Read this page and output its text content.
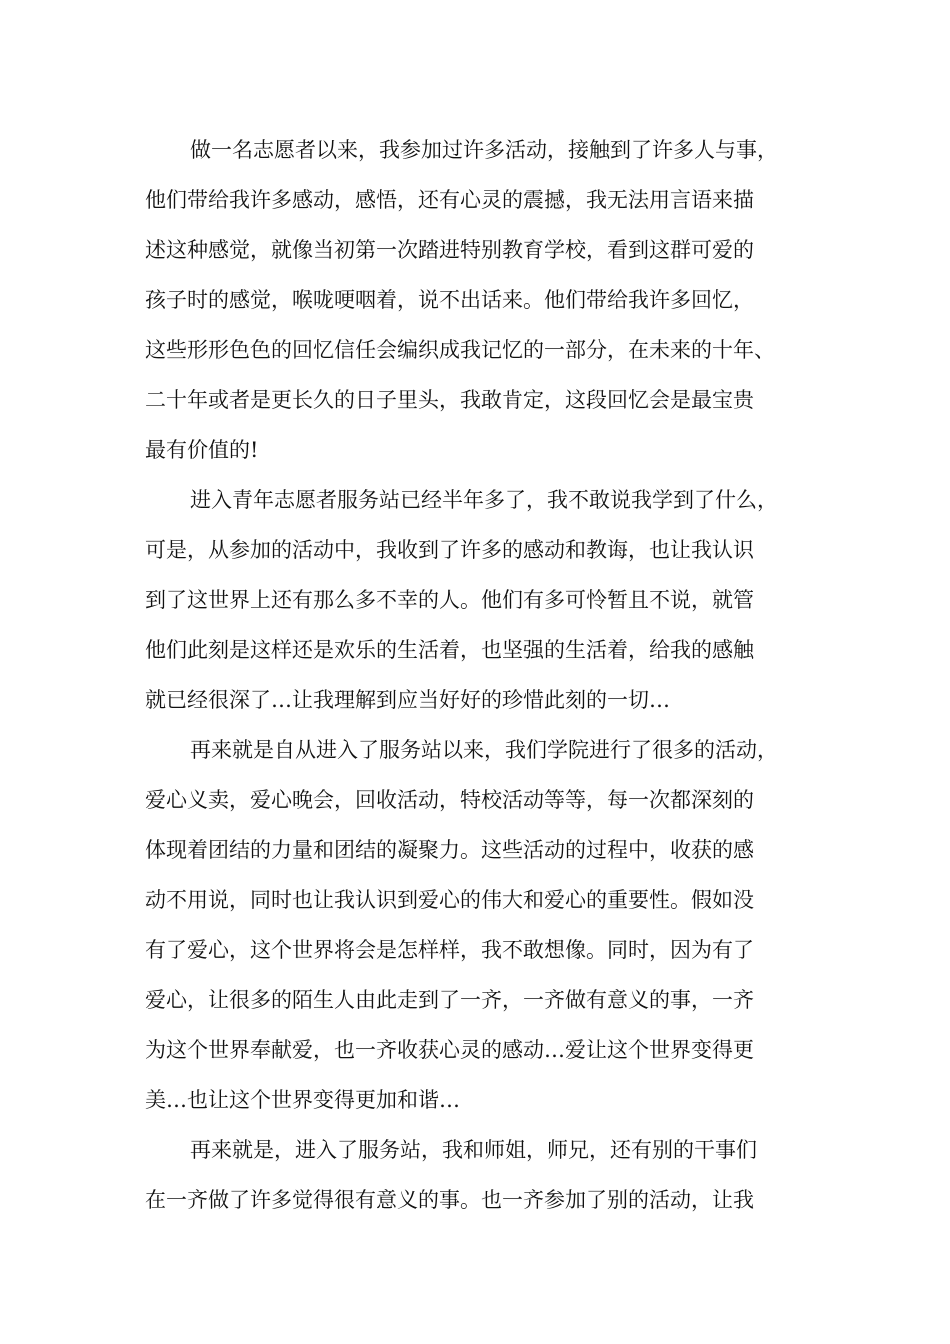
做一名志愿者以来，我参加过许多活动，接触到了许多人与事，
他们带给我许多感动，感悟，还有心灵的震撼，我无法用言语来描
述这种感觉，就像当初第一次踏进特别教育学校，看到这群可爱的
孩子时的感觉，喉咙哽咽着，说不出话来。他们带给我许多回忆，
这些形形色色的回忆信任会编织成我记忆的一部分，在未来的十年、
二十年或者是更长久的日子里头，我敢肯定，这段回忆会是最宝贵
最有价值的!
进入青年志愿者服务站已经半年多了，我不敢说我学到了什么，
可是，从参加的活动中，我收到了许多的感动和教诲，也让我认识
到了这世界上还有那么多不幸的人。他们有多可怜暂且不说，就管
他们此刻是这样还是欢乐的生活着，也坚强的生活着，给我的感触
就已经很深了…让我理解到应当好好的珍惜此刻的一切…
再来就是自从进入了服务站以来，我们学院进行了很多的活动，
爱心义卖，爱心晚会，回收活动，特校活动等等，每一次都深刻的
体现着团结的力量和团结的凝聚力。这些活动的过程中，收获的感
动不用说，同时也让我认识到爱心的伟大和爱心的重要性。假如没
有了爱心，这个世界将会是怎样样，我不敢想像。同时，因为有了
爱心，让很多的陌生人由此走到了一齐，一齐做有意义的事，一齐
为这个世界奉献爱，也一齐收获心灵的感动…爱让这个世界变得更
美…也让这个世界变得更加和谐…
再来就是，进入了服务站，我和师姐，师兄，还有别的干事们
在一齐做了许多觉得很有意义的事。也一齐参加了别的活动，让我
